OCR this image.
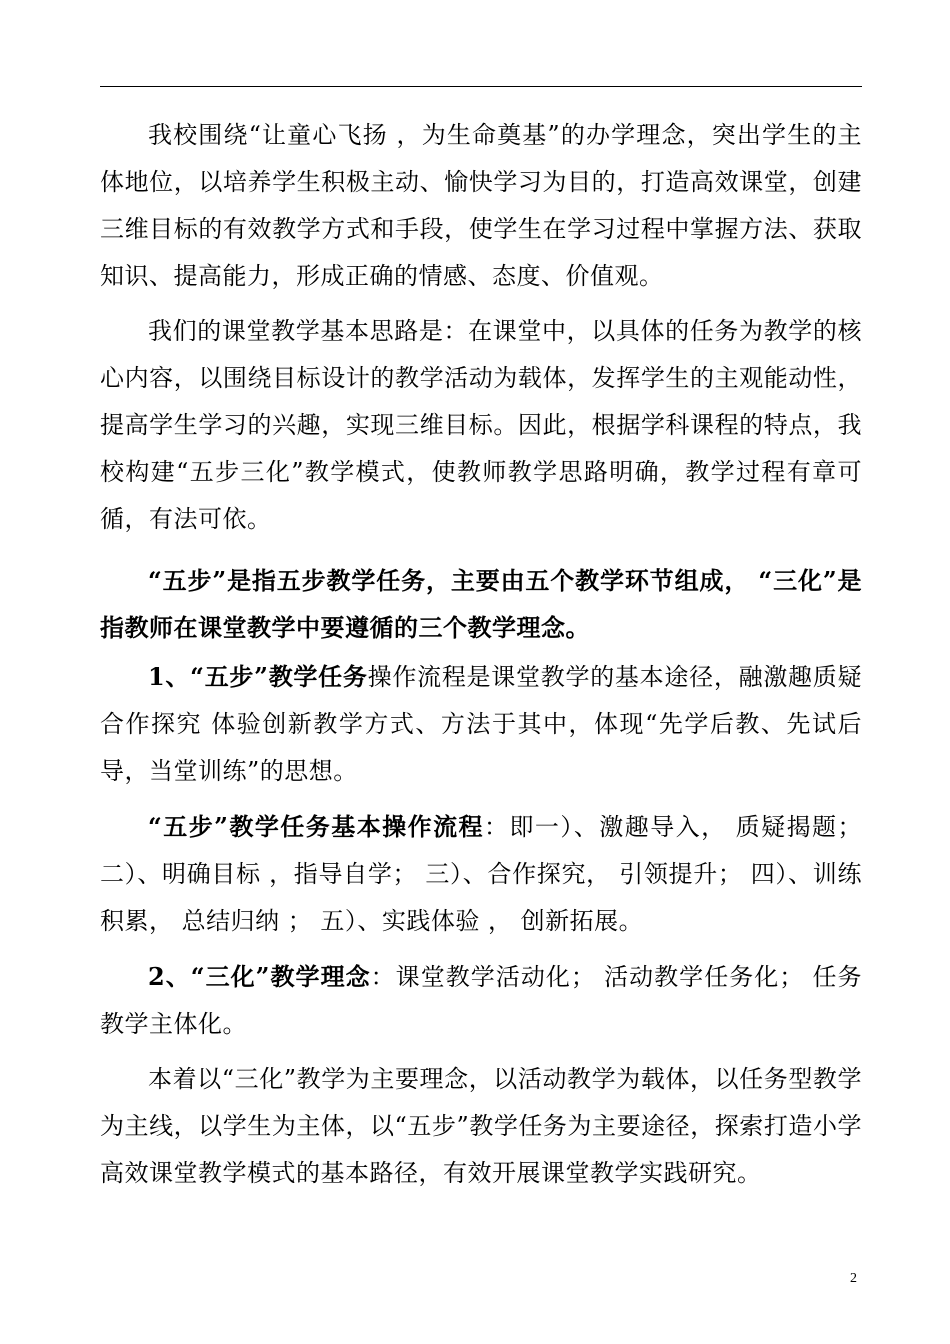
我校围绕“让童心飞扬 ，为生命奠基”的办学理念，突出学生的主体地位，以培养学生积极主动、愉快学习为目的，打造高效课堂，创建三维目标的有效教学方式和手段，使学生在学习过程中掌握方法、获取知识、提高能力，形成正确的情感、态度、价值观。

我们的课堂教学基本思路是：在课堂中，以具体的任务为教学的核心内容，以围绕目标设计的教学活动为载体，发挥学生的主观能动性，提高学生学习的兴趣，实现三维目标。因此，根据学科课程的特点，我校构建“五步三化”教学模式，使教师教学思路明确，教学过程有章可循，有法可依。

“五步”是指五步教学任务，主要由五个教学环节组成， “三化”是指教师在课堂教学中要遵循的三个教学理念。

1、“五步”教学任务操作流程是课堂教学的基本途径，融激趣质疑 合作探究 体验创新教学方式、方法于其中，体现“先学后教、先试后导，当堂训练”的思想。

“五步”教学任务基本操作流程：即一）、激趣导入， 质疑揭题；二）、明确目标 ，指导自学； 三）、合作探究， 引领提升； 四）、训练积累， 总结归纳 ； 五）、实践体验 ， 创新拓展。

2、“三化”教学理念：课堂教学活动化； 活动教学任务化； 任务教学主体化。

本着以“三化”教学为主要理念，以活动教学为载体，以任务型教学为主线，以学生为主体，以“五步”教学任务为主要途径，探索打造小学高效课堂教学模式的基本路径，有效开展课堂教学实践研究。

2
